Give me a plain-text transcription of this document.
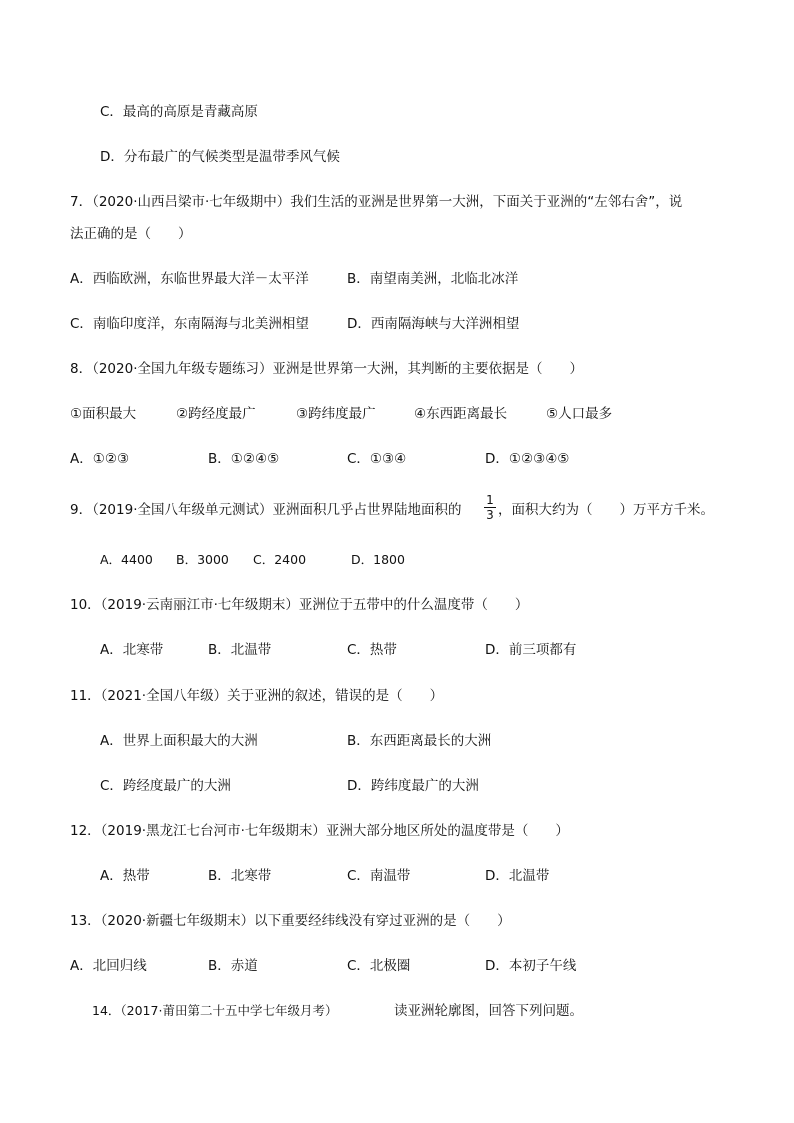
C．最高的高原是青藏高原
D．分布最广的气候类型是温带季风气候
7．（2020·山西吕梁市·七年级期中）我们生活的亚洲是世界第一大洲，下面关于亚洲的“左邻右舍”，说
法正确的是（　　）
A．西临欧洲，东临世界最大洋－太平洋	B．南望南美洲，北临北冰洋
C．南临印度洋，东南隔海与北美洲相望	D．西南隔海峡与大洋洲相望
8．（2020·全国九年级专题练习）亚洲是世界第一大洲，其判断的主要依据是（　　）
①面积最大	②跨经度最广	③跨纬度最广	④东西距离最长	⑤人口最多
A．①②③	B．①②④⑤	C．①③④	D．①②③④⑤
9．（2019·全国八年级单元测试）亚洲面积几乎占世界陆地面积的
1
3 ，面积大约为（　　）万平方千米。
A．4400 B．3000 C．2400	D．1800
10．（2019·云南丽江市·七年级期末）亚洲位于五带中的什么温度带（　　）
A．北寒带	B．北温带	C．热带	D．前三项都有
11．（2021·全国八年级）关于亚洲的叙述，错误的是（　　）
A．世界上面积最大的大洲	B．东西距离最长的大洲
C．跨经度最广的大洲	D．跨纬度最广的大洲
12．（2019·黑龙江七台河市·七年级期末）亚洲大部分地区所处的温度带是（　　）
A．热带	B．北寒带	C．南温带	D．北温带
13．（2020·新疆七年级期末）以下重要经纬线没有穿过亚洲的是（　　）
A．北回归线	B．赤道	C．北极圈	D．本初子午线
14．（2017·莆田第二十五中学七年级月考）	读亚洲轮廓图，回答下列问题。
